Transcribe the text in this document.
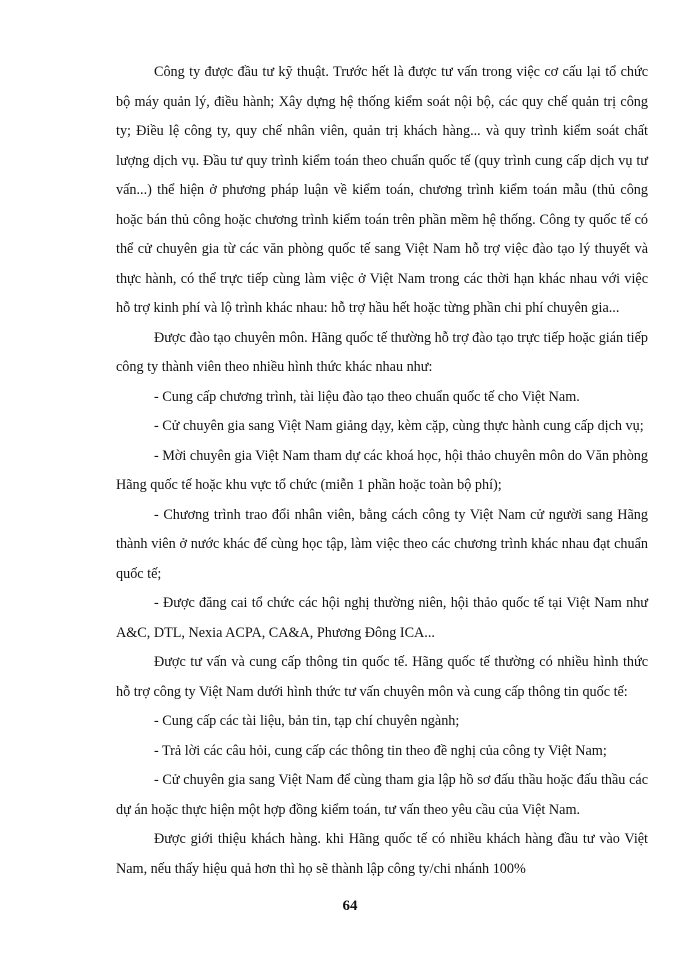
Công ty được đầu tư kỹ thuật. Trước hết là được tư vấn trong việc cơ cấu lại tổ chức bộ máy quản lý, điều hành; Xây dựng hệ thống kiểm soát nội bộ, các quy chế quản trị công ty; Điều lệ công ty, quy chế nhân viên, quản trị khách hàng... và quy trình kiểm soát chất lượng dịch vụ. Đầu tư quy trình kiểm toán theo chuẩn quốc tế (quy trình cung cấp dịch vụ tư vấn...) thể hiện ở phương pháp luận về kiểm toán, chương trình kiểm toán mẫu (thủ công hoặc bán thủ công hoặc chương trình kiểm toán trên phần mềm hệ thống. Công ty quốc tế có thể cử chuyên gia từ các văn phòng quốc tế sang Việt Nam hỗ trợ việc đào tạo lý thuyết và thực hành, có thể trực tiếp cùng làm việc ở Việt Nam trong các thời hạn khác nhau với việc hỗ trợ kinh phí và lộ trình khác nhau: hỗ trợ hầu hết hoặc từng phần chi phí chuyên gia...

Được đào tạo chuyên môn. Hãng quốc tế thường hỗ trợ đào tạo trực tiếp hoặc gián tiếp công ty thành viên theo nhiều hình thức khác nhau như:

- Cung cấp chương trình, tài liệu đào tạo theo chuẩn quốc tế cho Việt Nam.

- Cử chuyên gia sang Việt Nam giảng dạy, kèm cặp, cùng thực hành cung cấp dịch vụ;

- Mời chuyên gia Việt Nam tham dự các khoá học, hội thảo chuyên môn do Văn phòng Hãng quốc tế hoặc khu vực tổ chức (miễn 1 phần hoặc toàn bộ phí);

- Chương trình trao đổi nhân viên, bằng cách công ty Việt Nam cử người sang Hãng thành viên ở nước khác để cùng học tập, làm việc theo các chương trình khác nhau đạt chuẩn quốc tế;

- Được đăng cai tổ chức các hội nghị thường niên, hội thảo quốc tế tại Việt Nam như A&C, DTL, Nexia ACPA, CA&A, Phương Đông ICA...

Được tư vấn và cung cấp thông tin quốc tế. Hãng quốc tế thường có nhiều hình thức hỗ trợ công ty Việt Nam dưới hình thức tư vấn chuyên môn và cung cấp thông tin quốc tế:

- Cung cấp các tài liệu, bản tin, tạp chí chuyên ngành;

- Trả lời các câu hỏi, cung cấp các thông tin theo đề nghị của công ty Việt Nam;

- Cử chuyên gia sang Việt Nam để cùng tham gia lập hồ sơ đấu thầu hoặc đấu thầu các dự án hoặc thực hiện một hợp đồng kiểm toán, tư vấn theo yêu cầu của Việt Nam.

Được giới thiệu khách hàng. khi Hãng quốc tế có nhiều khách hàng đầu tư vào Việt Nam, nếu thấy hiệu quả hơn thì họ sẽ thành lập công ty/chi nhánh 100%

64
